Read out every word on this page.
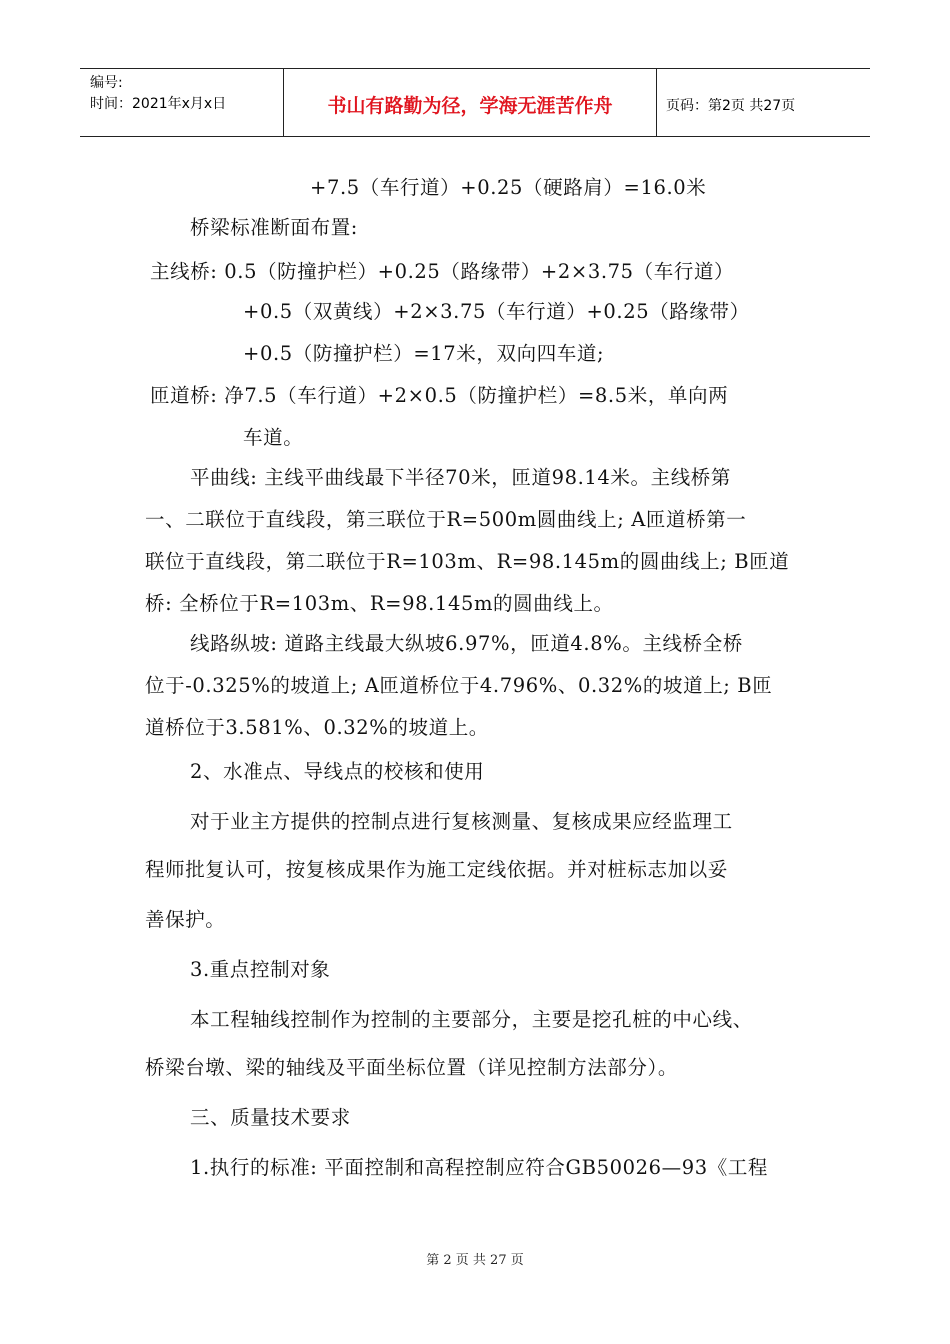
编号:
时间：2021年x月x日	书山有路勤为径，学海无涯苦作舟	页码：第2页 共27页
+7.5（车行道）+0.25（硬路肩）=16.0米
桥梁标准断面布置:
主线桥: 0.5（防撞护栏）+0.25（路缘带）+2×3.75（车行道）
+0.5（双黄线）+2×3.75（车行道）+0.25（路缘带）
+0.5（防撞护栏）=17米，双向四车道;
匝道桥: 净7.5（车行道）+2×0.5（防撞护栏）=8.5米，单向两
车道。
平曲线: 主线平曲线最下半径70米，匝道98.14米。主线桥第
一、二联位于直线段，第三联位于R=500m圆曲线上; A匝道桥第一
联位于直线段，第二联位于R=103m、R=98.145m的圆曲线上; B匝道
桥: 全桥位于R=103m、R=98.145m的圆曲线上。
线路纵坡: 道路主线最大纵坡6.97%，匝道4.8%。主线桥全桥
位于-0.325%的坡道上; A匝道桥位于4.796%、0.32%的坡道上; B匝
道桥位于3.581%、0.32%的坡道上。
2、水准点、导线点的校核和使用
对于业主方提供的控制点进行复核测量、复核成果应经监理工
程师批复认可，按复核成果作为施工定线依据。并对桩标志加以妥
善保护。
3.重点控制对象
本工程轴线控制作为控制的主要部分，主要是挖孔桩的中心线、
桥梁台墩、梁的轴线及平面坐标位置（详见控制方法部分）。
三、质量技术要求
1.执行的标准: 平面控制和高程控制应符合GB50026—93《工程
第 2 页 共 27 页
